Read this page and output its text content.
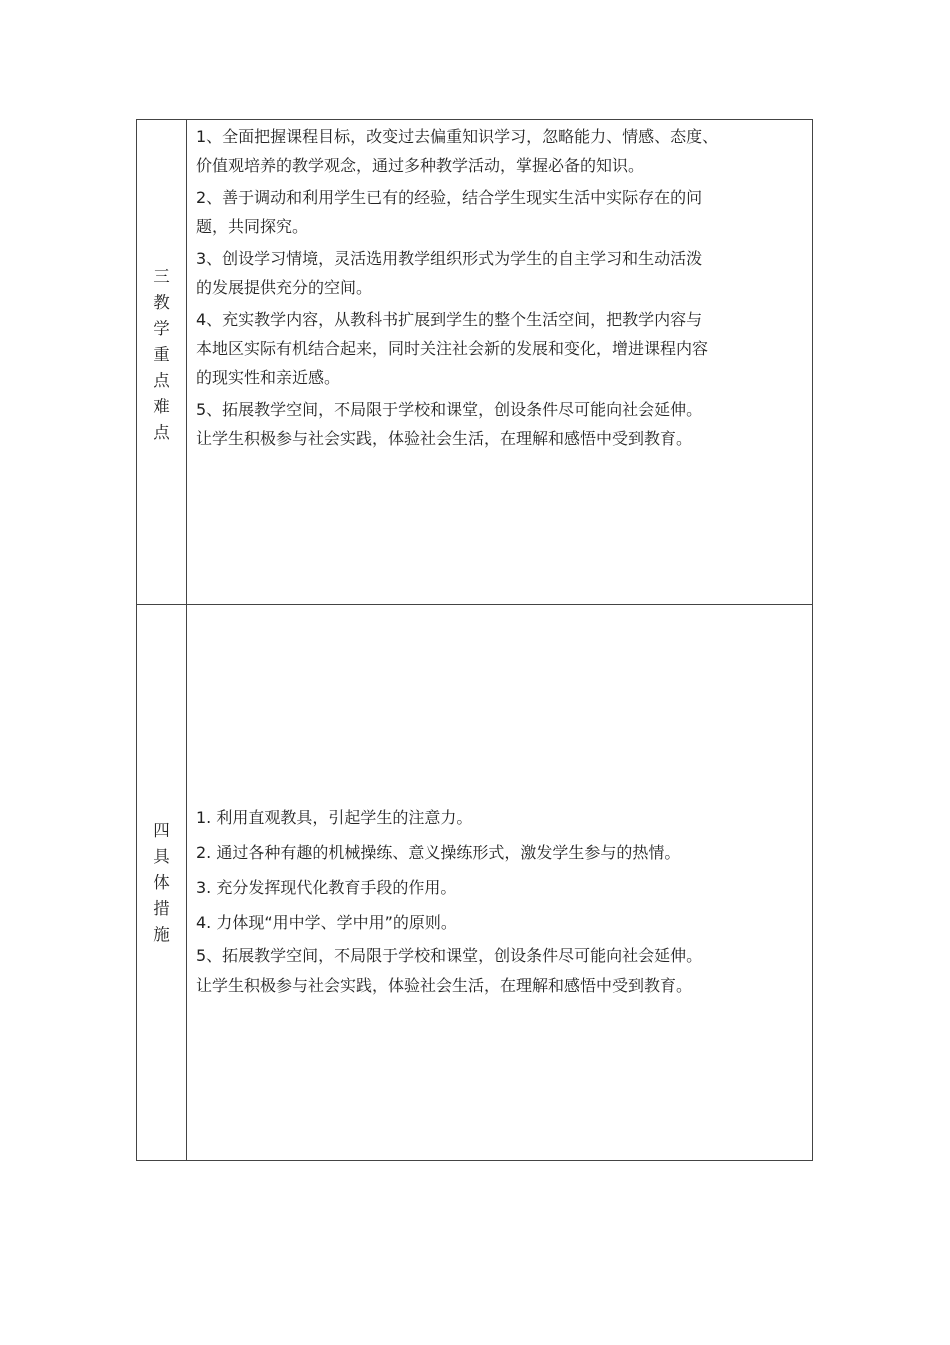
三教学重点难点

1、全面把握课程目标，改变过去偏重知识学习，忽略能力、情感、态度、
价值观培养的教学观念，通过多种教学活动，掌握必备的知识。

2、善于调动和利用学生已有的经验，结合学生现实生活中实际存在的问
题，共同探究。

3、创设学习情境，灵活选用教学组织形式为学生的自主学习和生动活泼
的发展提供充分的空间。

4、充实教学内容，从教科书扩展到学生的整个生活空间，把教学内容与
本地区实际有机结合起来，同时关注社会新的发展和变化，增进课程内容
的现实性和亲近感。

5、拓展教学空间，不局限于学校和课堂，创设条件尽可能向社会延伸。
让学生积极参与社会实践，体验社会生活，在理解和感悟中受到教育。

四具体措施

1. 利用直观教具，引起学生的注意力。

2. 通过各种有趣的机械操练、意义操练形式，激发学生参与的热情。

3. 充分发挥现代化教育手段的作用。

4. 力体现“用中学、学中用”的原则。

5、拓展教学空间，不局限于学校和课堂，创设条件尽可能向社会延伸。
让学生积极参与社会实践，体验社会生活，在理解和感悟中受到教育。
